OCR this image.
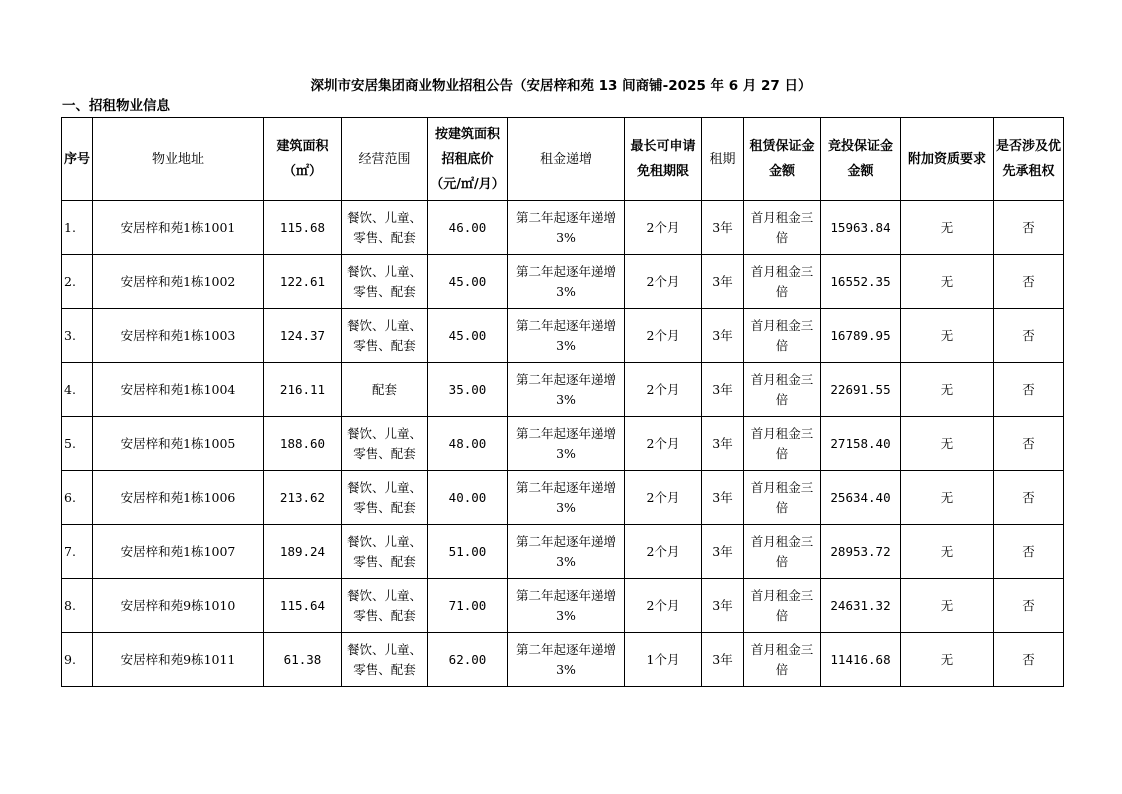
深圳市安居集团商业物业招租公告（安居梓和苑 13 间商铺-2025 年 6 月 27 日）
一、招租物业信息
序号	物业地址	建筑面积（㎡）	经营范围	按建筑面积招租底价（元/㎡/月）	租金递增	最长可申请免租期限	租期	租赁保证金金额	竞投保证金金额	附加资质要求	是否涉及优先承租权
1.	安居梓和苑1栋1001	115.68	餐饮、儿童、零售、配套	46.00	第二年起逐年递增3%	2个月	3年	首月租金三倍	15963.84	无	否
2.	安居梓和苑1栋1002	122.61	餐饮、儿童、零售、配套	45.00	第二年起逐年递增3%	2个月	3年	首月租金三倍	16552.35	无	否
3.	安居梓和苑1栋1003	124.37	餐饮、儿童、零售、配套	45.00	第二年起逐年递增3%	2个月	3年	首月租金三倍	16789.95	无	否
4.	安居梓和苑1栋1004	216.11	配套	35.00	第二年起逐年递增3%	2个月	3年	首月租金三倍	22691.55	无	否
5.	安居梓和苑1栋1005	188.60	餐饮、儿童、零售、配套	48.00	第二年起逐年递增3%	2个月	3年	首月租金三倍	27158.40	无	否
6.	安居梓和苑1栋1006	213.62	餐饮、儿童、零售、配套	40.00	第二年起逐年递增3%	2个月	3年	首月租金三倍	25634.40	无	否
7.	安居梓和苑1栋1007	189.24	餐饮、儿童、零售、配套	51.00	第二年起逐年递增3%	2个月	3年	首月租金三倍	28953.72	无	否
8.	安居梓和苑9栋1010	115.64	餐饮、儿童、零售、配套	71.00	第二年起逐年递增3%	2个月	3年	首月租金三倍	24631.32	无	否
9.	安居梓和苑9栋1011	61.38	餐饮、儿童、零售、配套	62.00	第二年起逐年递增3%	1个月	3年	首月租金三倍	11416.68	无	否
